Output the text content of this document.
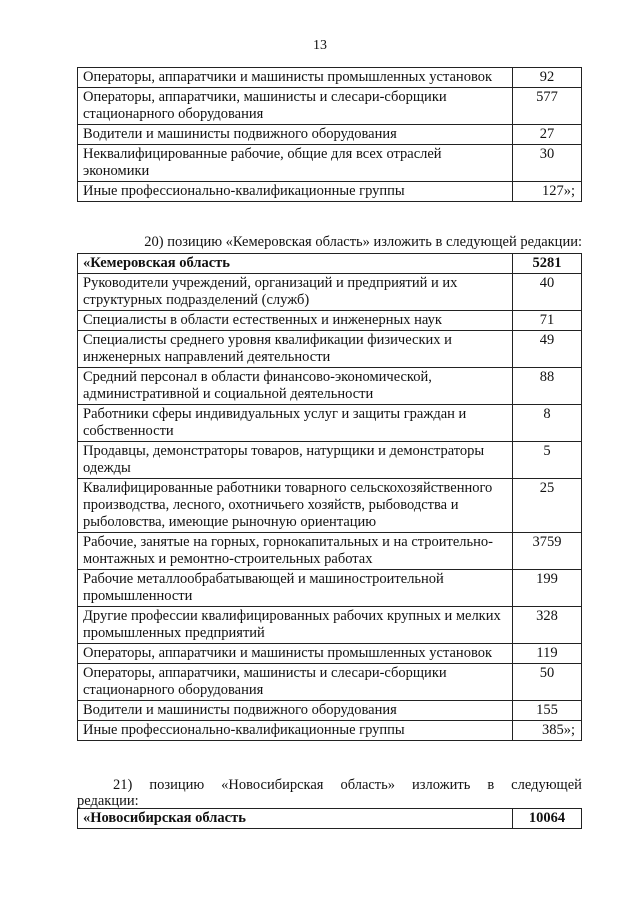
13
Операторы, аппаратчики и машинисты промышленных установок	92
Операторы, аппаратчики, машинисты и слесари-сборщики стационарного оборудования	577
Водители и машинисты подвижного оборудования	27
Неквалифицированные рабочие, общие для всех отраслей экономики	30
Иные профессионально-квалификационные группы	127»;
20) позицию «Кемеровская область» изложить в следующей редакции:
«Кемеровская область	5281
Руководители учреждений, организаций и предприятий и их структурных подразделений (служб)	40
Специалисты в области естественных и инженерных наук	71
Специалисты среднего уровня квалификации физических и инженерных направлений деятельности	49
Средний персонал в области финансово-экономической, административной и социальной деятельности	88
Работники сферы индивидуальных услуг и защиты граждан и собственности	8
Продавцы, демонстраторы товаров, натурщики и демонстраторы одежды	5
Квалифицированные работники товарного сельскохозяйственного производства, лесного, охотничьего хозяйств, рыбоводства и рыболовства, имеющие рыночную ориентацию	25
Рабочие, занятые на горных, горнокапитальных и на строительно-монтажных и ремонтно-строительных работах	3759
Рабочие металлообрабатывающей и машиностроительной промышленности	199
Другие профессии квалифицированных рабочих крупных и мелких промышленных предприятий	328
Операторы, аппаратчики и машинисты промышленных установок	119
Операторы, аппаратчики, машинисты и слесари-сборщики стационарного оборудования	50
Водители и машинисты подвижного оборудования	155
Иные профессионально-квалификационные группы	385»;
21) позицию «Новосибирская область» изложить в следующей
редакции:
«Новосибирская область	10064
